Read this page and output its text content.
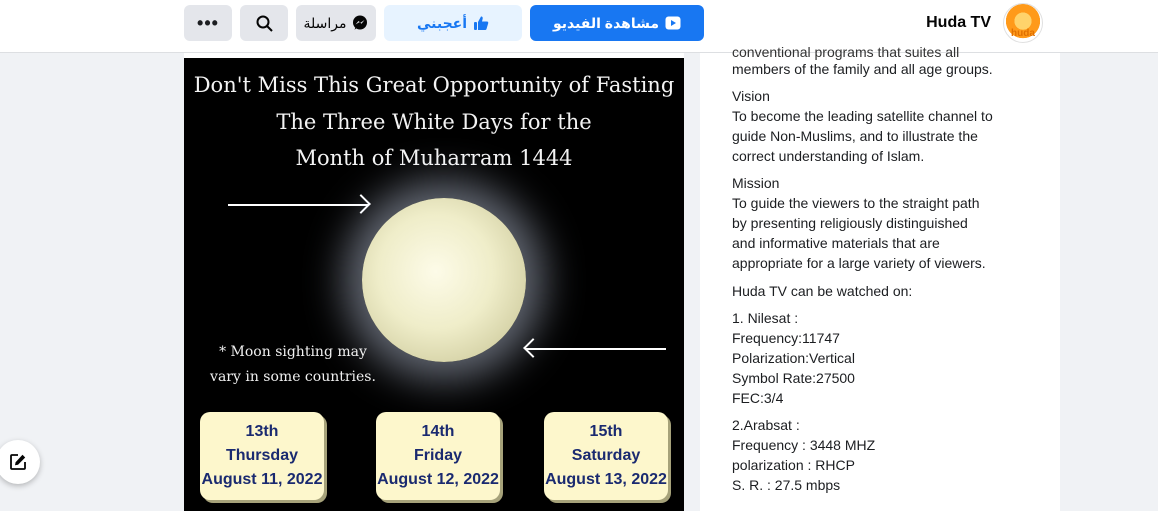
huda
Huda TV
مشاهدة الفيديو
أعجبني
مراسلة
•••
Don't Miss This Great Opportunity of Fasting
The Three White Days for the
Month of Muharram 1444
* Moon sighting may
vary in some countries.
13th
Thursday
August 11, 2022
14th
Friday
August 12, 2022
15th
Saturday
August 13, 2022
conventional programs that suites all
members of the family and all age groups.
Vision
To become the leading satellite channel to
guide Non-Muslims, and to illustrate the
correct understanding of Islam.
Mission
To guide the viewers to the straight path
by presenting religiously distinguished
and informative materials that are
appropriate for a large variety of viewers.
Huda TV can be watched on:
1. Nilesat :
Frequency:11747
Polarization:Vertical
Symbol Rate:27500
FEC:3/4
2.Arabsat :
Frequency : 3448 MHZ
polarization : RHCP
S. R. : 27.5 mbps
